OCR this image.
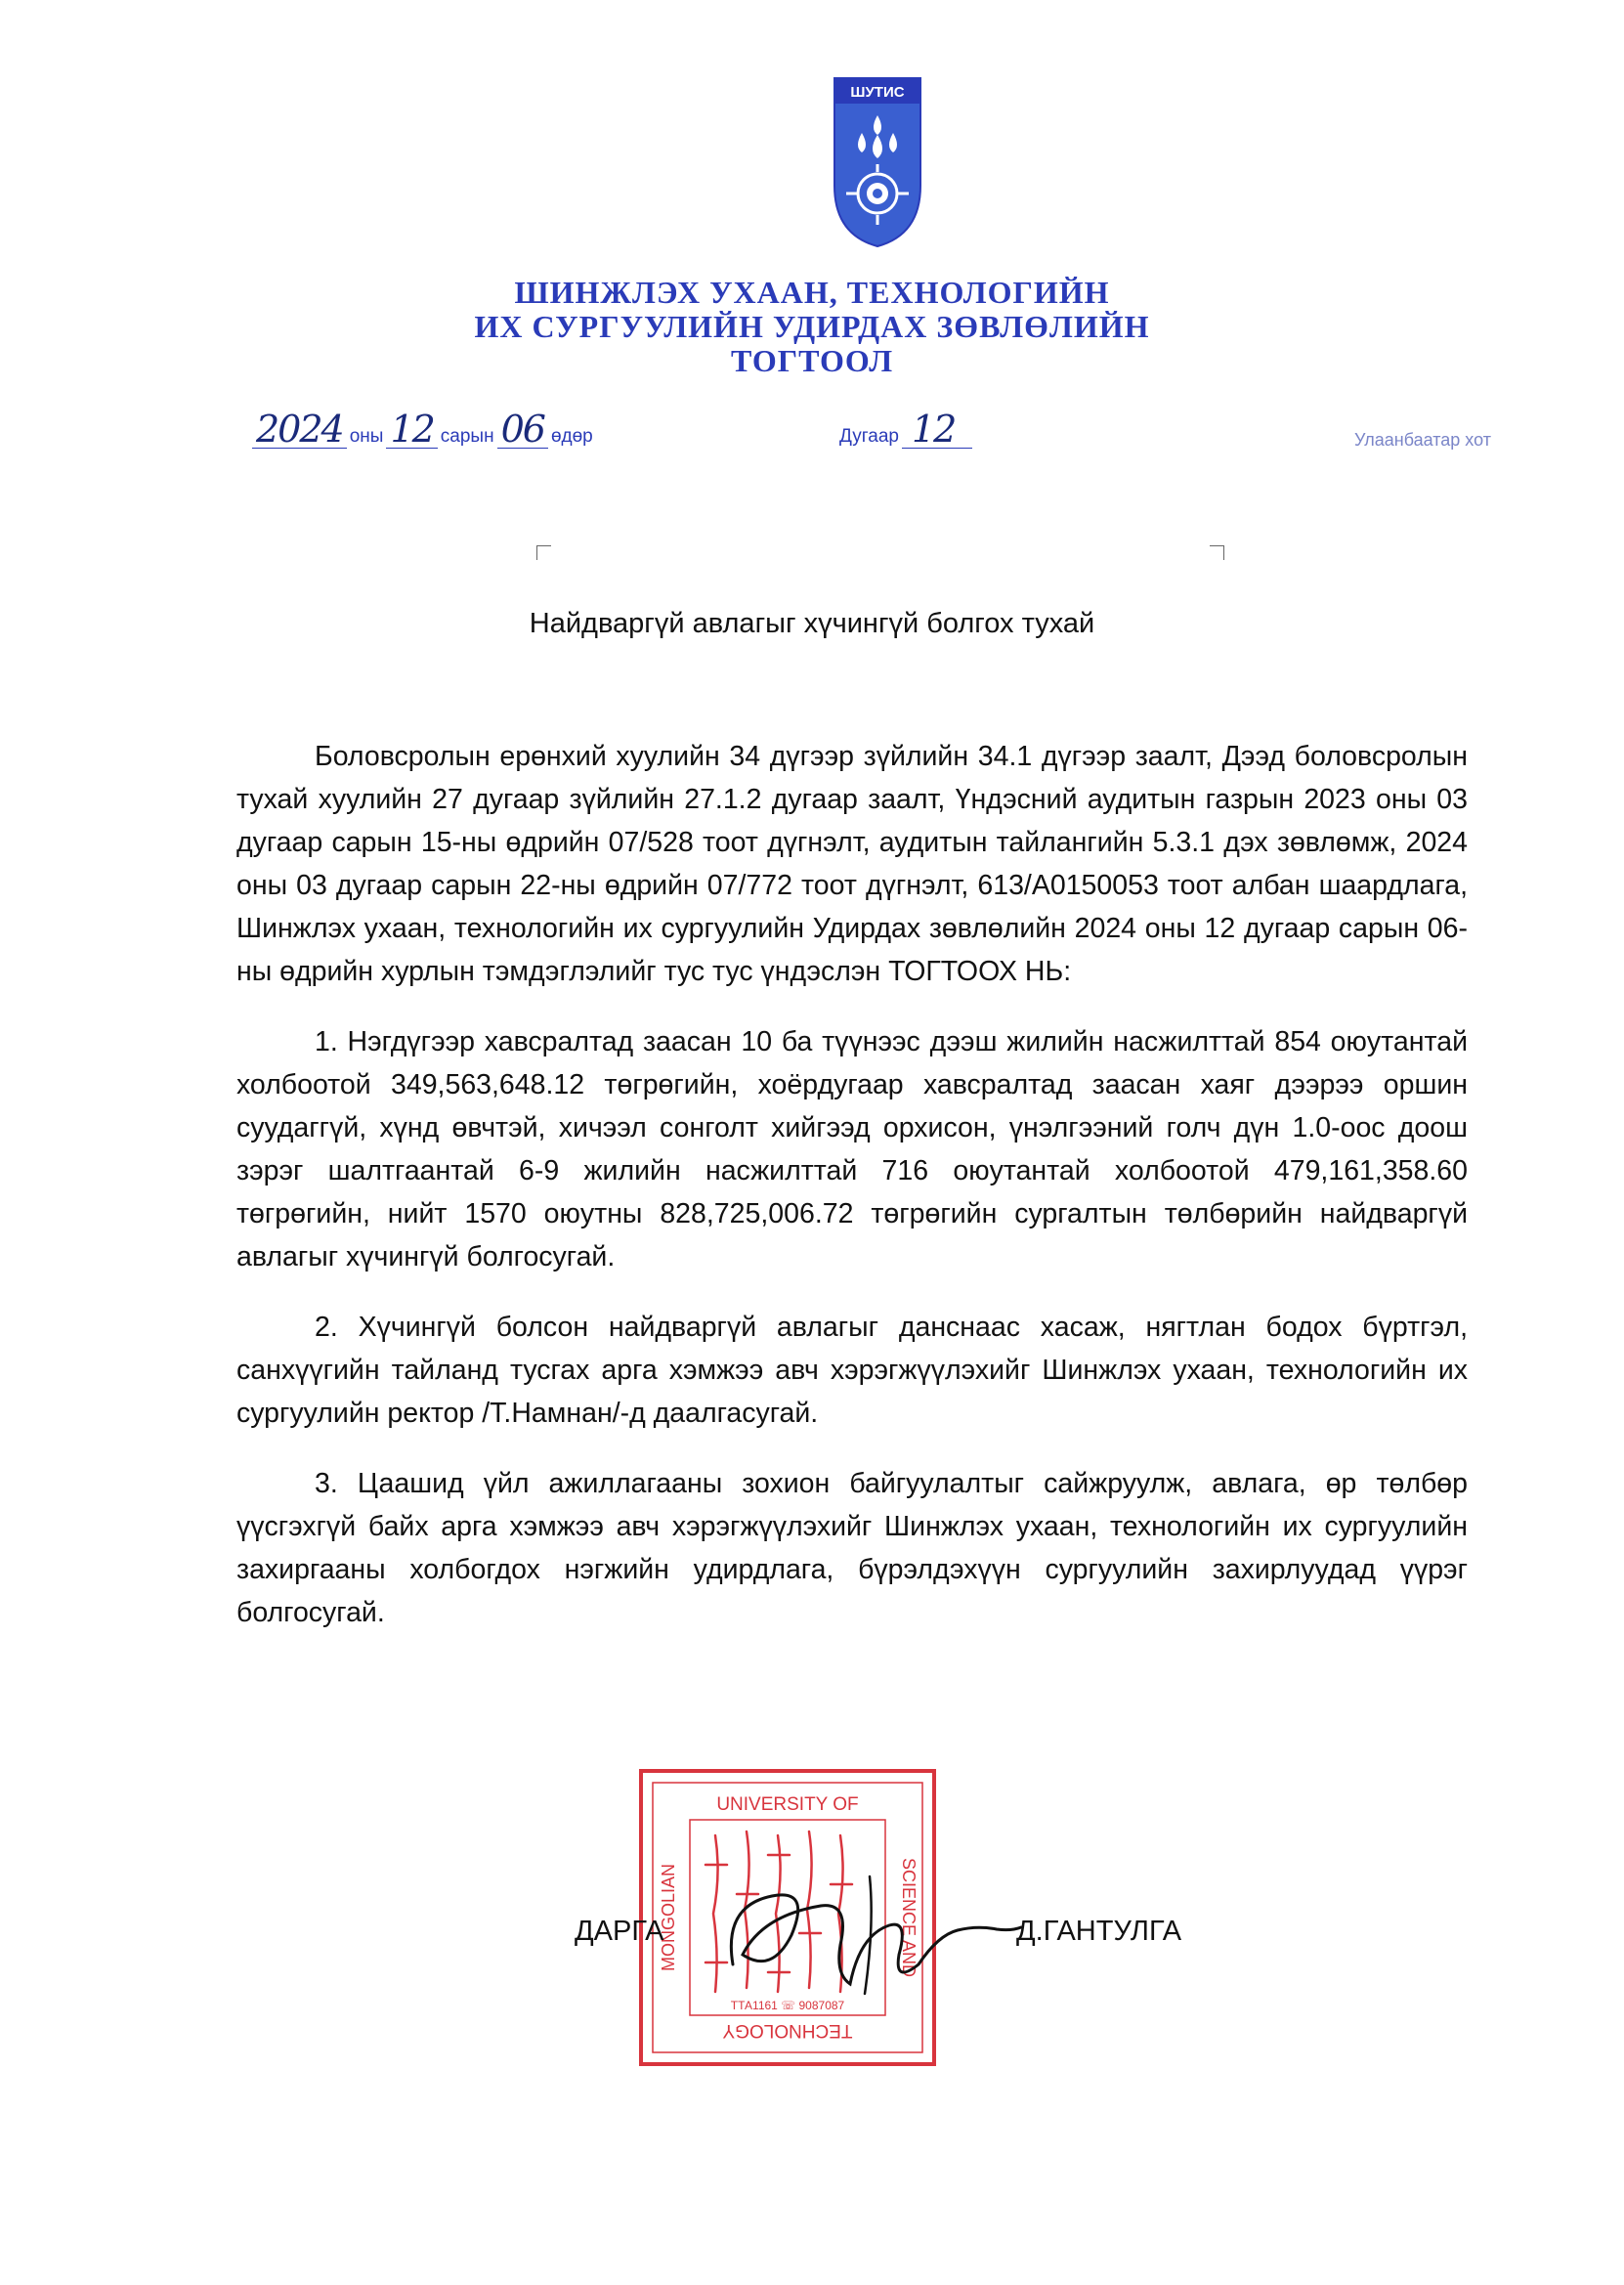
ШУТИС
ШИНЖЛЭХ УХААН, ТЕХНОЛОГИЙН
ИХ СУРГУУЛИЙН УДИРДАХ ЗӨВЛӨЛИЙН
ТОГТООЛ
2024 оны 12 сарын 06 өдөр	Дугаар 12	Улаанбаатар хот
Найдваргүй авлагыг хүчингүй болгох тухай

Боловсролын ерөнхий хуулийн 34 дүгээр зүйлийн 34.1 дүгээр заалт, Дээд боловсролын тухай хуулийн 27 дугаар зүйлийн 27.1.2 дугаар заалт, Үндэсний аудитын газрын 2023 оны 03 дугаар сарын 15-ны өдрийн 07/528 тоот дүгнэлт, аудитын тайлангийн 5.3.1 дэх зөвлөмж, 2024 оны 03 дугаар сарын 22-ны өдрийн 07/772 тоот дүгнэлт, 613/A0150053 тоот албан шаардлага, Шинжлэх ухаан, технологийн их сургуулийн Удирдах зөвлөлийн 2024 оны 12 дугаар сарын 06-ны өдрийн хурлын тэмдэглэлийг тус тус үндэслэн ТОГТООХ НЬ:

1. Нэгдүгээр хавсралтад заасан 10 ба түүнээс дээш жилийн насжилттай 854 оюутантай холбоотой 349,563,648.12 төгрөгийн, хоёрдугаар хавсралтад заасан хаяг дээрээ оршин суудаггүй, хүнд өвчтэй, хичээл сонголт хийгээд орхисон, үнэлгээний голч дүн 1.0-оос доош зэрэг шалтгаантай 6-9 жилийн насжилттай 716 оюутантай холбоотой 479,161,358.60 төгрөгийн, нийт 1570 оюутны 828,725,006.72 төгрөгийн сургалтын төлбөрийн найдваргүй авлагыг хүчингүй болгосугай.

2. Хүчингүй болсон найдваргүй авлагыг данснаас хасаж, нягтлан бодох бүртгэл, санхүүгийн тайланд тусгах арга хэмжээ авч хэрэгжүүлэхийг Шинжлэх ухаан, технологийн их сургуулийн ректор /Т.Намнан/-д даалгасугай.

3. Цаашид үйл ажиллагааны зохион байгуулалтыг сайжруулж, авлага, өр төлбөр үүсгэхгүй байх арга хэмжээ авч хэрэгжүүлэхийг Шинжлэх ухаан, технологийн их сургуулийн захиргааны холбогдох нэгжийн удирдлага, бүрэлдэхүүн сургуулийн захирлуудад үүрэг болгосугай.

UNIVERSITY OF
TECHNOLOGY
MONGOLIAN	SCIENCE AND
ТТА1161 ☏ 9087087
ДАРГА	Д.ГАНТУЛГА
